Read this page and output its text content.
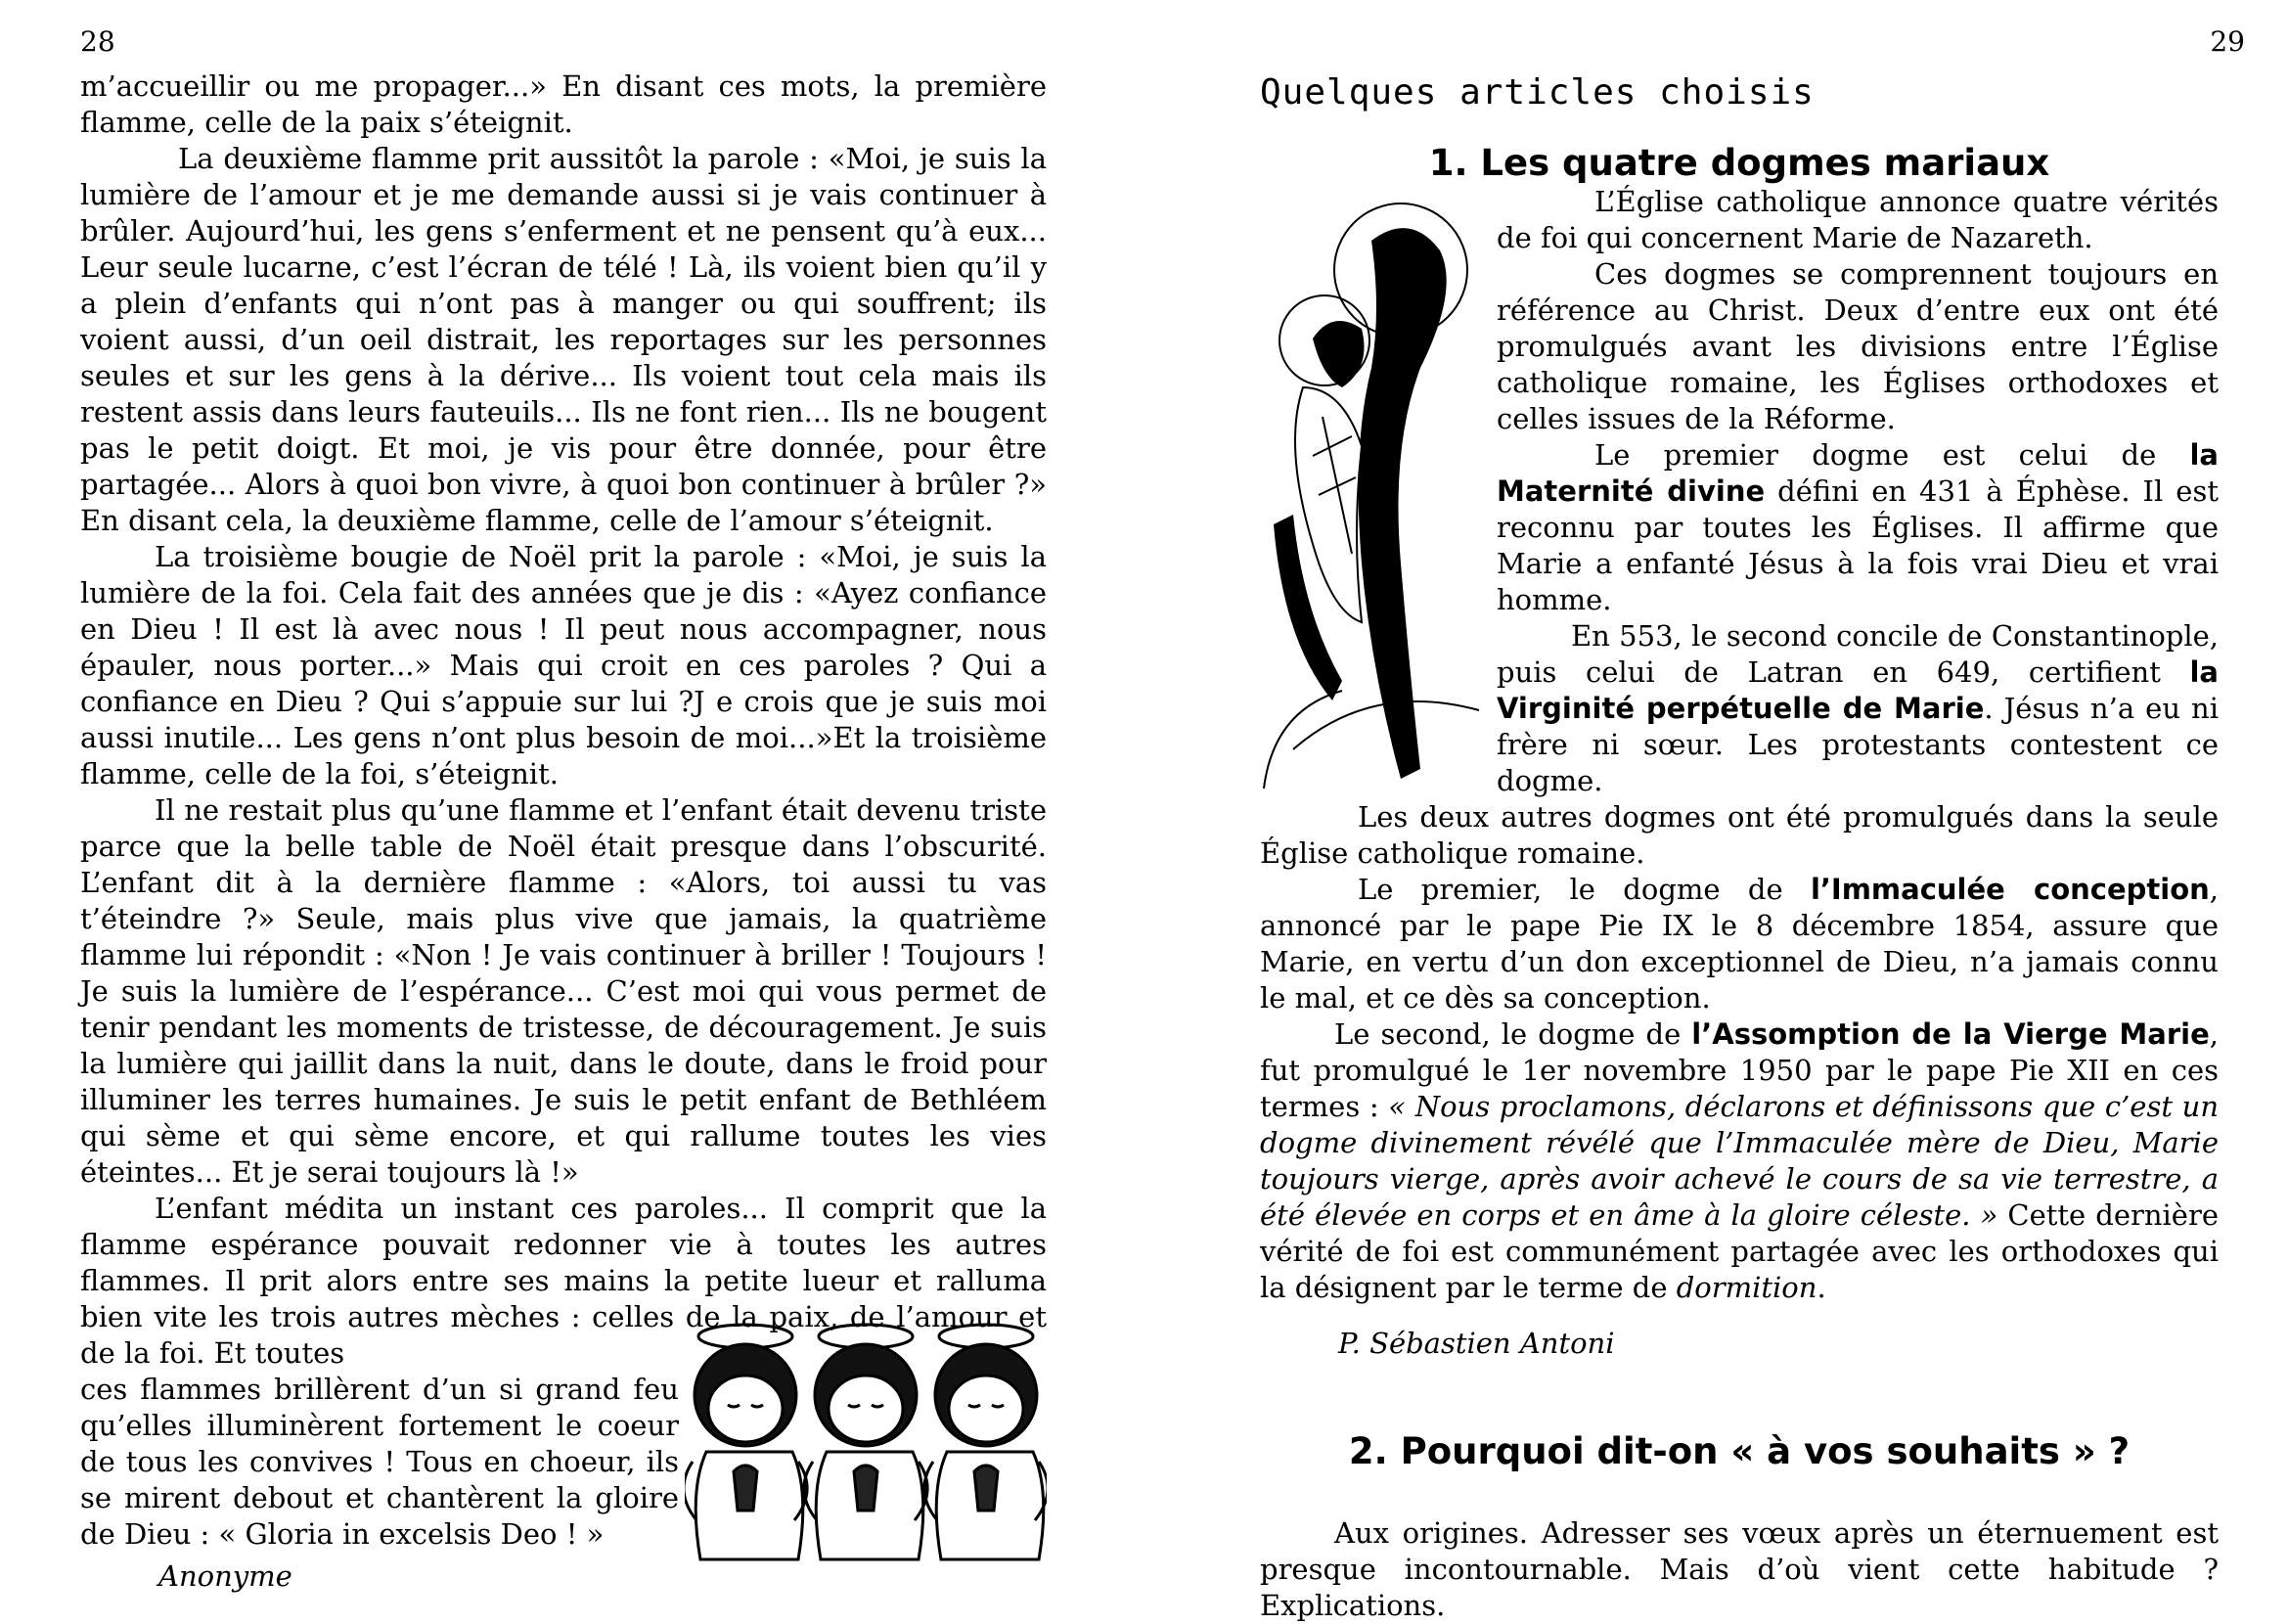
28

m’accueillir ou me propager...» En disant ces mots, la première flamme, celle de la paix s’éteignit.

La deuxième flamme prit aussitôt la parole : «Moi, je suis la lumière de l’amour et je me demande aussi si je vais continuer à brûler. Aujourd’hui, les gens s’enferment et ne pensent qu’à eux... Leur seule lucarne, c’est l’écran de télé ! Là, ils voient bien qu’il y a plein d’enfants qui n’ont pas à manger ou qui souffrent; ils voient aussi, d’un oeil distrait, les reportages sur les personnes seules et sur les gens à la dérive... Ils voient tout cela mais ils restent assis dans leurs fauteuils... Ils ne font rien... Ils ne bougent pas le petit doigt. Et moi, je vis pour être donnée, pour être partagée... Alors à quoi bon vivre, à quoi bon continuer à brûler ?» En disant cela, la deuxième flamme, celle de l’amour s’éteignit.

La troisième bougie de Noël prit la parole : «Moi, je suis la lumière de la foi. Cela fait des années que je dis : «Ayez confiance en Dieu ! Il est là avec nous ! Il peut nous accompagner, nous épauler, nous porter...» Mais qui croit en ces paroles ? Qui a confiance en Dieu ? Qui s’appuie sur lui ?J e crois que je suis moi aussi inutile... Les gens n’ont plus besoin de moi...»Et la troisième flamme, celle de la foi, s’éteignit.

Il ne restait plus qu’une flamme et l’enfant était devenu triste parce que la belle table de Noël était presque dans l’obscurité. L’enfant dit à la dernière flamme : «Alors, toi aussi tu vas t’éteindre ?» Seule, mais plus vive que jamais, la quatrième flamme lui répondit : «Non ! Je vais continuer à briller ! Toujours ! Je suis la lumière de l’espérance... C’est moi qui vous permet de tenir pendant les moments de tristesse, de découragement. Je suis la lumière qui jaillit dans la nuit, dans le doute, dans le froid pour illuminer les terres humaines. Je suis le petit enfant de Bethléem qui sème et qui sème encore, et qui rallume toutes les vies éteintes... Et je serai toujours là !»

L’enfant médita un instant ces paroles... Il comprit que la flamme espérance pouvait redonner vie à toutes les autres flammes. Il prit alors entre ses mains la petite lueur et ralluma bien vite les trois autres mèches : celles de la paix, de l’amour et de la foi. Et toutes

ces flammes brillèrent d’un si grand feu qu’elles illuminèrent fortement le coeur de tous les convives ! Tous en choeur, ils se mirent debout et chantèrent la gloire de Dieu : « Gloria in excelsis Deo ! »

Anonyme

29
Quelques articles choisis
1. Les quatre dogmes mariaux

L’Église catholique annonce quatre vérités de foi qui concernent Marie de Nazareth.

Ces dogmes se comprennent toujours en référence au Christ. Deux d’entre eux ont été promulgués avant les divisions entre l’Église catholique romaine, les Églises orthodoxes et celles issues de la Réforme.

Le premier dogme est celui de la Maternité divine défini en 431 à Éphèse. Il est reconnu par toutes les Églises. Il affirme que Marie a enfanté Jésus à la fois vrai Dieu et vrai homme.

En 553, le second concile de Constantinople, puis celui de Latran en 649, certifient la Virginité perpétuelle de Marie. Jésus n’a eu ni frère ni sœur. Les protestants contestent ce dogme.

Les deux autres dogmes ont été promulgués dans la seule Église catholique romaine.

Le premier, le dogme de l’Immaculée conception, annoncé par le pape Pie IX le 8 décembre 1854, assure que Marie, en vertu d’un don exceptionnel de Dieu, n’a jamais connu le mal, et ce dès sa conception.

Le second, le dogme de l’Assomption de la Vierge Marie, fut promulgué le 1er novembre 1950 par le pape Pie XII en ces termes : « Nous proclamons, déclarons et définissons que c’est un dogme divinement révélé que l’Immaculée mère de Dieu, Marie toujours vierge, après avoir achevé le cours de sa vie terrestre, a été élevée en corps et en âme à la gloire céleste. » Cette dernière vérité de foi est communément partagée avec les orthodoxes qui la désignent par le terme de dormition.

P. Sébastien Antoni

2. Pourquoi dit-on « à vos souhaits » ?

Aux origines. Adresser ses vœux après un éternuement est presque incontournable. Mais d’où vient cette habitude ? Explications.
